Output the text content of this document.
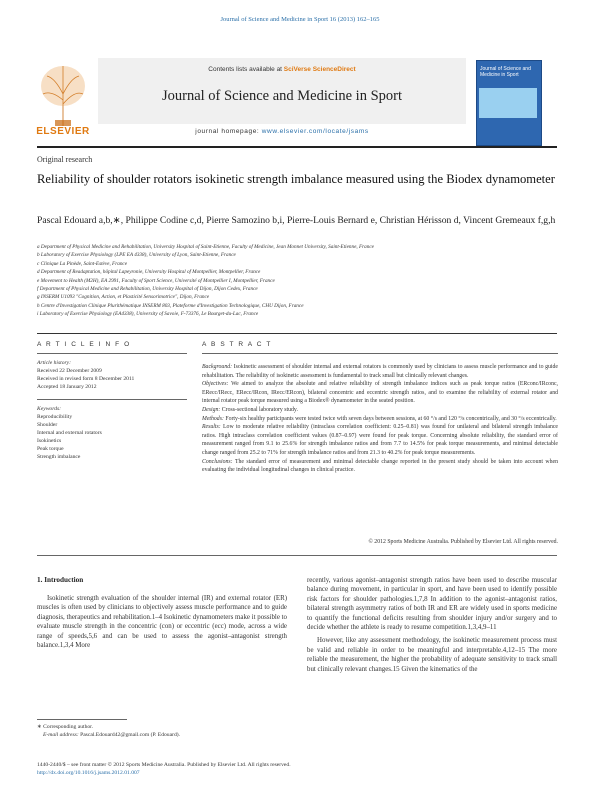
Journal of Science and Medicine in Sport 16 (2013) 162–165
ELSEVIER
Contents lists available at SciVerse ScienceDirect
Journal of Science and Medicine in Sport
journal homepage: www.elsevier.com/locate/jsams
Journal of Science and Medicine in Sport
Original research
Reliability of shoulder rotators isokinetic strength imbalance measured using the Biodex dynamometer
Pascal Edouard a,b,∗, Philippe Codine c,d, Pierre Samozino b,i, Pierre-Louis Bernard e, Christian Hérisson d, Vincent Gremeaux f,g,h
a Department of Physical Medicine and Rehabilitation, University Hospital of Saint-Etienne, Faculty of Medicine, Jean Monnet University, Saint-Etienne, France
b Laboratory of Exercise Physiology (LPE EA 4338), University of Lyon, Saint-Etienne, France
c Clinique La Pinède, Saint-Estève, France
d Department of Readaptation, hôpital Lapeyronie, University Hospital of Montpellier, Montpellier, France
e Movement to Health (M2H), EA 2991, Faculty of Sport Science, Université of Montpellier I, Montpellier, France
f Department of Physical Medicine and Rehabilitation, University Hospital of Dijon, Dijon Cedex, France
g INSERM U1093 "Cognition, Action, et Plasticité Sensorimotrice", Dijon, France
h Centre d'Investigation Clinique Plurithématique INSERM 803, Plateforme d'Investigation Technologique, CHU Dijon, France
i Laboratory of Exercise Physiology (EA4338), University of Savoie, F-73376, Le Bourget-du-Lac, France
A R T I C L E I N F O
Article history:
Received 22 December 2009
Received in revised form 8 December 2011
Accepted 18 January 2012
Keywords:
Reproducibility
Shoulder
Internal and external rotators
Isokinetics
Peak torque
Strength imbalance
A B S T R A C T

Background: Isokinetic assessment of shoulder internal and external rotators is commonly used by clinicians to assess muscle performance and to guide rehabilitation. The reliability of isokinetic assessment is fundamental to track small but clinically relevant changes.

Objectives: We aimed to analyze the absolute and relative reliability of strength imbalance indices such as peak torque ratios (ERconc/IRconc, ERecc/IRecc, ERecc/IRcon, IRecc/ERcon), bilateral concentric and eccentric strength ratios, and to examine the reliability of external rotator and internal rotator peak torque measured using a Biodex® dynamometer in the seated position.

Design: Cross-sectional laboratory study.

Methods: Forty-six healthy participants were tested twice with seven days between sessions, at 60 °/s and 120 °/s concentrically, and 30 °/s eccentrically.

Results: Low to moderate relative reliability (intraclass correlation coefficient: 0.25–0.81) was found for unilateral and bilateral strength imbalance ratios. High intraclass correlation coefficient values (0.87–0.97) were found for peak torque. Concerning absolute reliability, the standard error of measurement ranged from 9.1 to 25.6% for strength imbalance ratios and from 7.7 to 14.5% for peak torque measurements, and minimal detectable change ranged from 25.2 to 71% for strength imbalance ratios and from 21.3 to 40.2% for peak torque measurements.

Conclusions: The standard error of measurement and minimal detectable change reported in the present study should be taken into account when evaluating the individual longitudinal changes in clinical practice.

© 2012 Sports Medicine Australia. Published by Elsevier Ltd. All rights reserved.
1. Introduction

Isokinetic strength evaluation of the shoulder internal (IR) and external rotator (ER) muscles is often used by clinicians to objectively assess muscle performance and to guide diagnosis, therapeutics and rehabilitation.1–4 Isokinetic dynamometers make it possible to evaluate muscle strength in the concentric (con) or eccentric (ecc) mode, across a wide range of speeds,5,6 and can be used to assess the agonist–antagonist strength balance.1,3,4 More

recently, various agonist–antagonist strength ratios have been used to describe muscular balance during movement, in particular in sport, and have been used to identify possible risk factors for shoulder pathologies.1,7,8 In addition to the agonist–antagonist ratios, bilateral strength asymmetry ratios of both IR and ER are widely used in sports medicine to quantify the functional deficits resulting from shoulder injury and/or surgery and to decide whether the athlete is ready to resume competition.1,3,4,9–11

However, like any assessment methodology, the isokinetic measurement process must be valid and reliable in order to be meaningful and interpretable.4,12–15 The more reliable the measurement, the higher the probability of adequate sensitivity to track small but clinically relevant changes.15 Given the kinematics of the

∗ Corresponding author.
E-mail address: Pascal.Edouard42@gmail.com (P. Edouard).
1440-2440/$ – see front matter © 2012 Sports Medicine Australia. Published by Elsevier Ltd. All rights reserved.
http://dx.doi.org/10.1016/j.jsams.2012.01.007
